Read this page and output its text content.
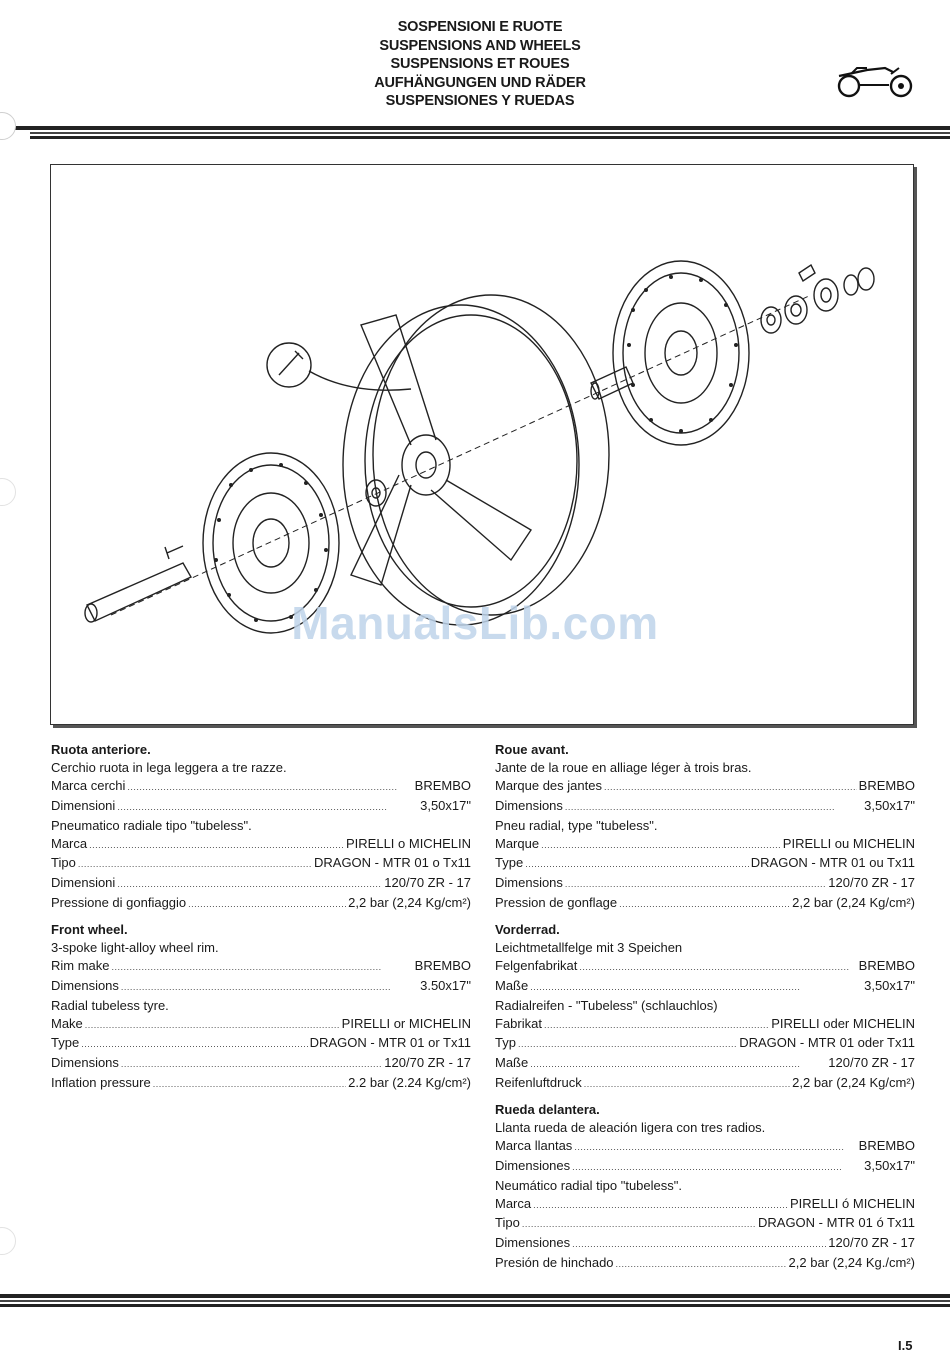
SOSPENSIONI E RUOTE
SUSPENSIONS AND WHEELS
SUSPENSIONS ET ROUES
AUFHÄNGUNGEN UND RÄDER
SUSPENSIONES Y RUEDAS
ManualsLib.com
Ruota anteriore.
Cerchio ruota in lega leggera a tre razze.
Marca cerchi . . .	BREMBO
Dimensioni . . .	3,50x17"
Pneumatico radiale tipo "tubeless".
Marca . . .	PIRELLI o MICHELIN
Tipo . . .	DRAGON - MTR 01 o Tx11
Dimensioni . . .	120/70 ZR - 17
Pressione di gonfiaggio . . .	2,2 bar (2,24 Kg/cm²)
Front wheel.
3-spoke light-alloy wheel rim.
Rim make . . .	BREMBO
Dimensions . . .	3.50x17"
Radial tubeless tyre.
Make . . .	PIRELLI or MICHELIN
Type . . .	DRAGON - MTR 01 or Tx11
Dimensions . . .	120/70 ZR - 17
Inflation pressure . . .	2.2 bar (2.24 Kg/cm²)
Roue avant.
Jante de la roue en alliage léger à trois bras.
Marque des jantes . . .	BREMBO
Dimensions . . .	3,50x17"
Pneu radial, type "tubeless".
Marque . . .	PIRELLI ou MICHELIN
Type . . .	DRAGON - MTR 01 ou Tx11
Dimensions . . .	120/70 ZR - 17
Pression de gonflage . . .	2,2 bar (2,24 Kg/cm²)
Vorderrad.
Leichtmetallfelge mit 3 Speichen
Felgenfabrikat . . .	BREMBO
Maße . . .	3,50x17"
Radialreifen - "Tubeless" (schlauchlos)
Fabrikat . . .	PIRELLI oder MICHELIN
Typ . . .	DRAGON - MTR 01 oder Tx11
Maße . . .	120/70 ZR - 17
Reifenluftdruck . . .	2,2 bar (2,24 Kg/cm²)
Rueda delantera.
Llanta rueda de aleación ligera con tres radios.
Marca llantas . . .	BREMBO
Dimensiones . . .	3,50x17"
Neumático radial tipo "tubeless".
Marca . . .	PIRELLI ó MICHELIN
Tipo . . .	DRAGON - MTR 01 ó Tx11
Dimensiones . . .	120/70 ZR - 17
Presión de hinchado . . .	2,2 bar (2,24 Kg./cm²)
I.5
